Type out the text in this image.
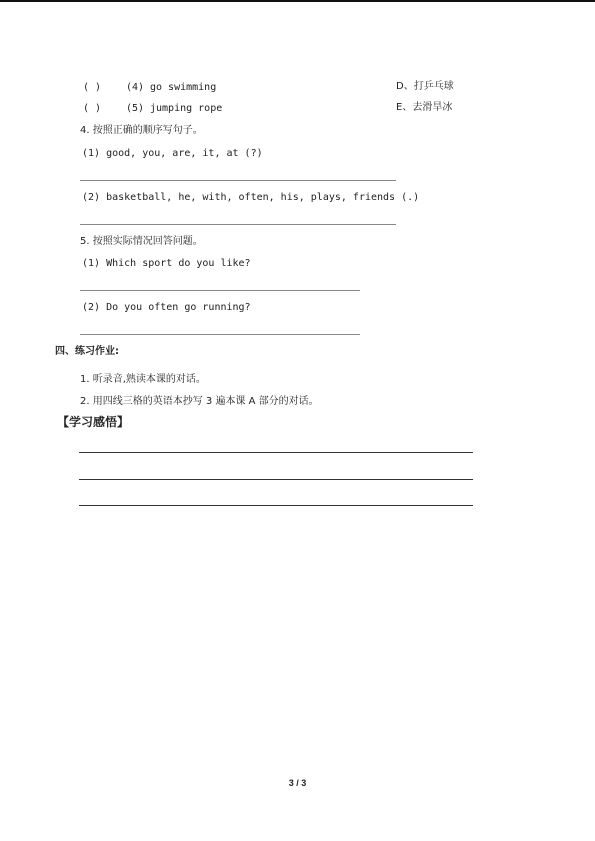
( ) (4) go swimming	D、打乒乓球
( ) (5) jumping rope	E、去滑旱冰
4. 按照正确的顺序写句子。
(1) good, you, are, it, at (?)
(2) basketball, he, with, often, his, plays, friends (.)
5. 按照实际情况回答问题。
(1) Which sport do you like?
(2) Do you often go running?
四、练习作业:
1. 听录音,熟读本课的对话。
2. 用四线三格的英语本抄写 3 遍本课 A 部分的对话。
【学习感悟】
3 / 3
